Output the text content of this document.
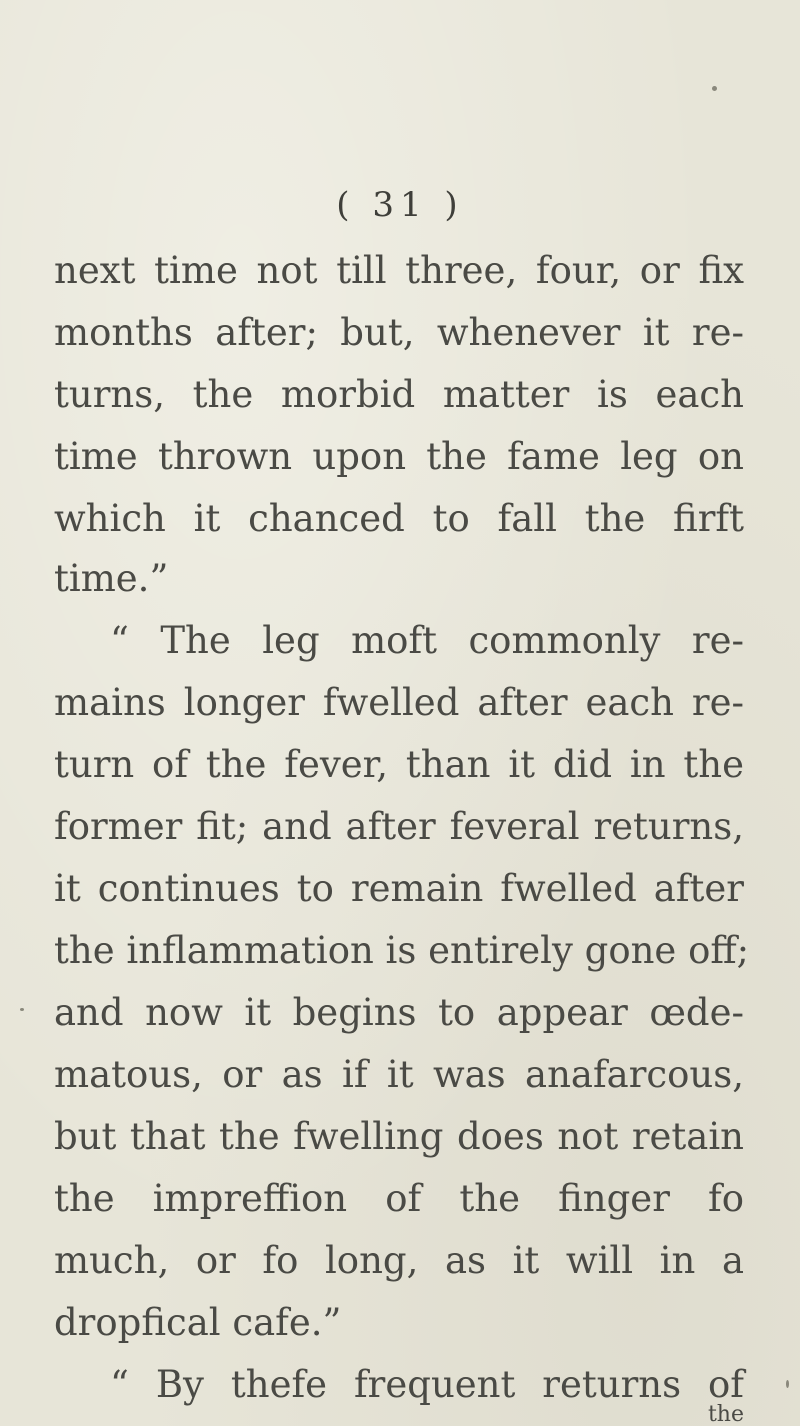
( 31 )
next time not till three, four, or fix
months after; but, whenever it re-
turns, the morbid matter is each
time thrown upon the fame leg on
which it chanced to fall the firft
time.”
“ The leg moft commonly re-
mains longer fwelled after each re-
turn of the fever, than it did in the
former fit; and after feveral returns,
it continues to remain fwelled after
the inflammation is entirely gone off;
and now it begins to appear œde-
matous, or as if it was anafarcous,
but that the fwelling does not retain
the impreffion of the finger fo
much, or fo long, as it will in a
dropfical cafe.”
“ By thefe frequent returns of
the
